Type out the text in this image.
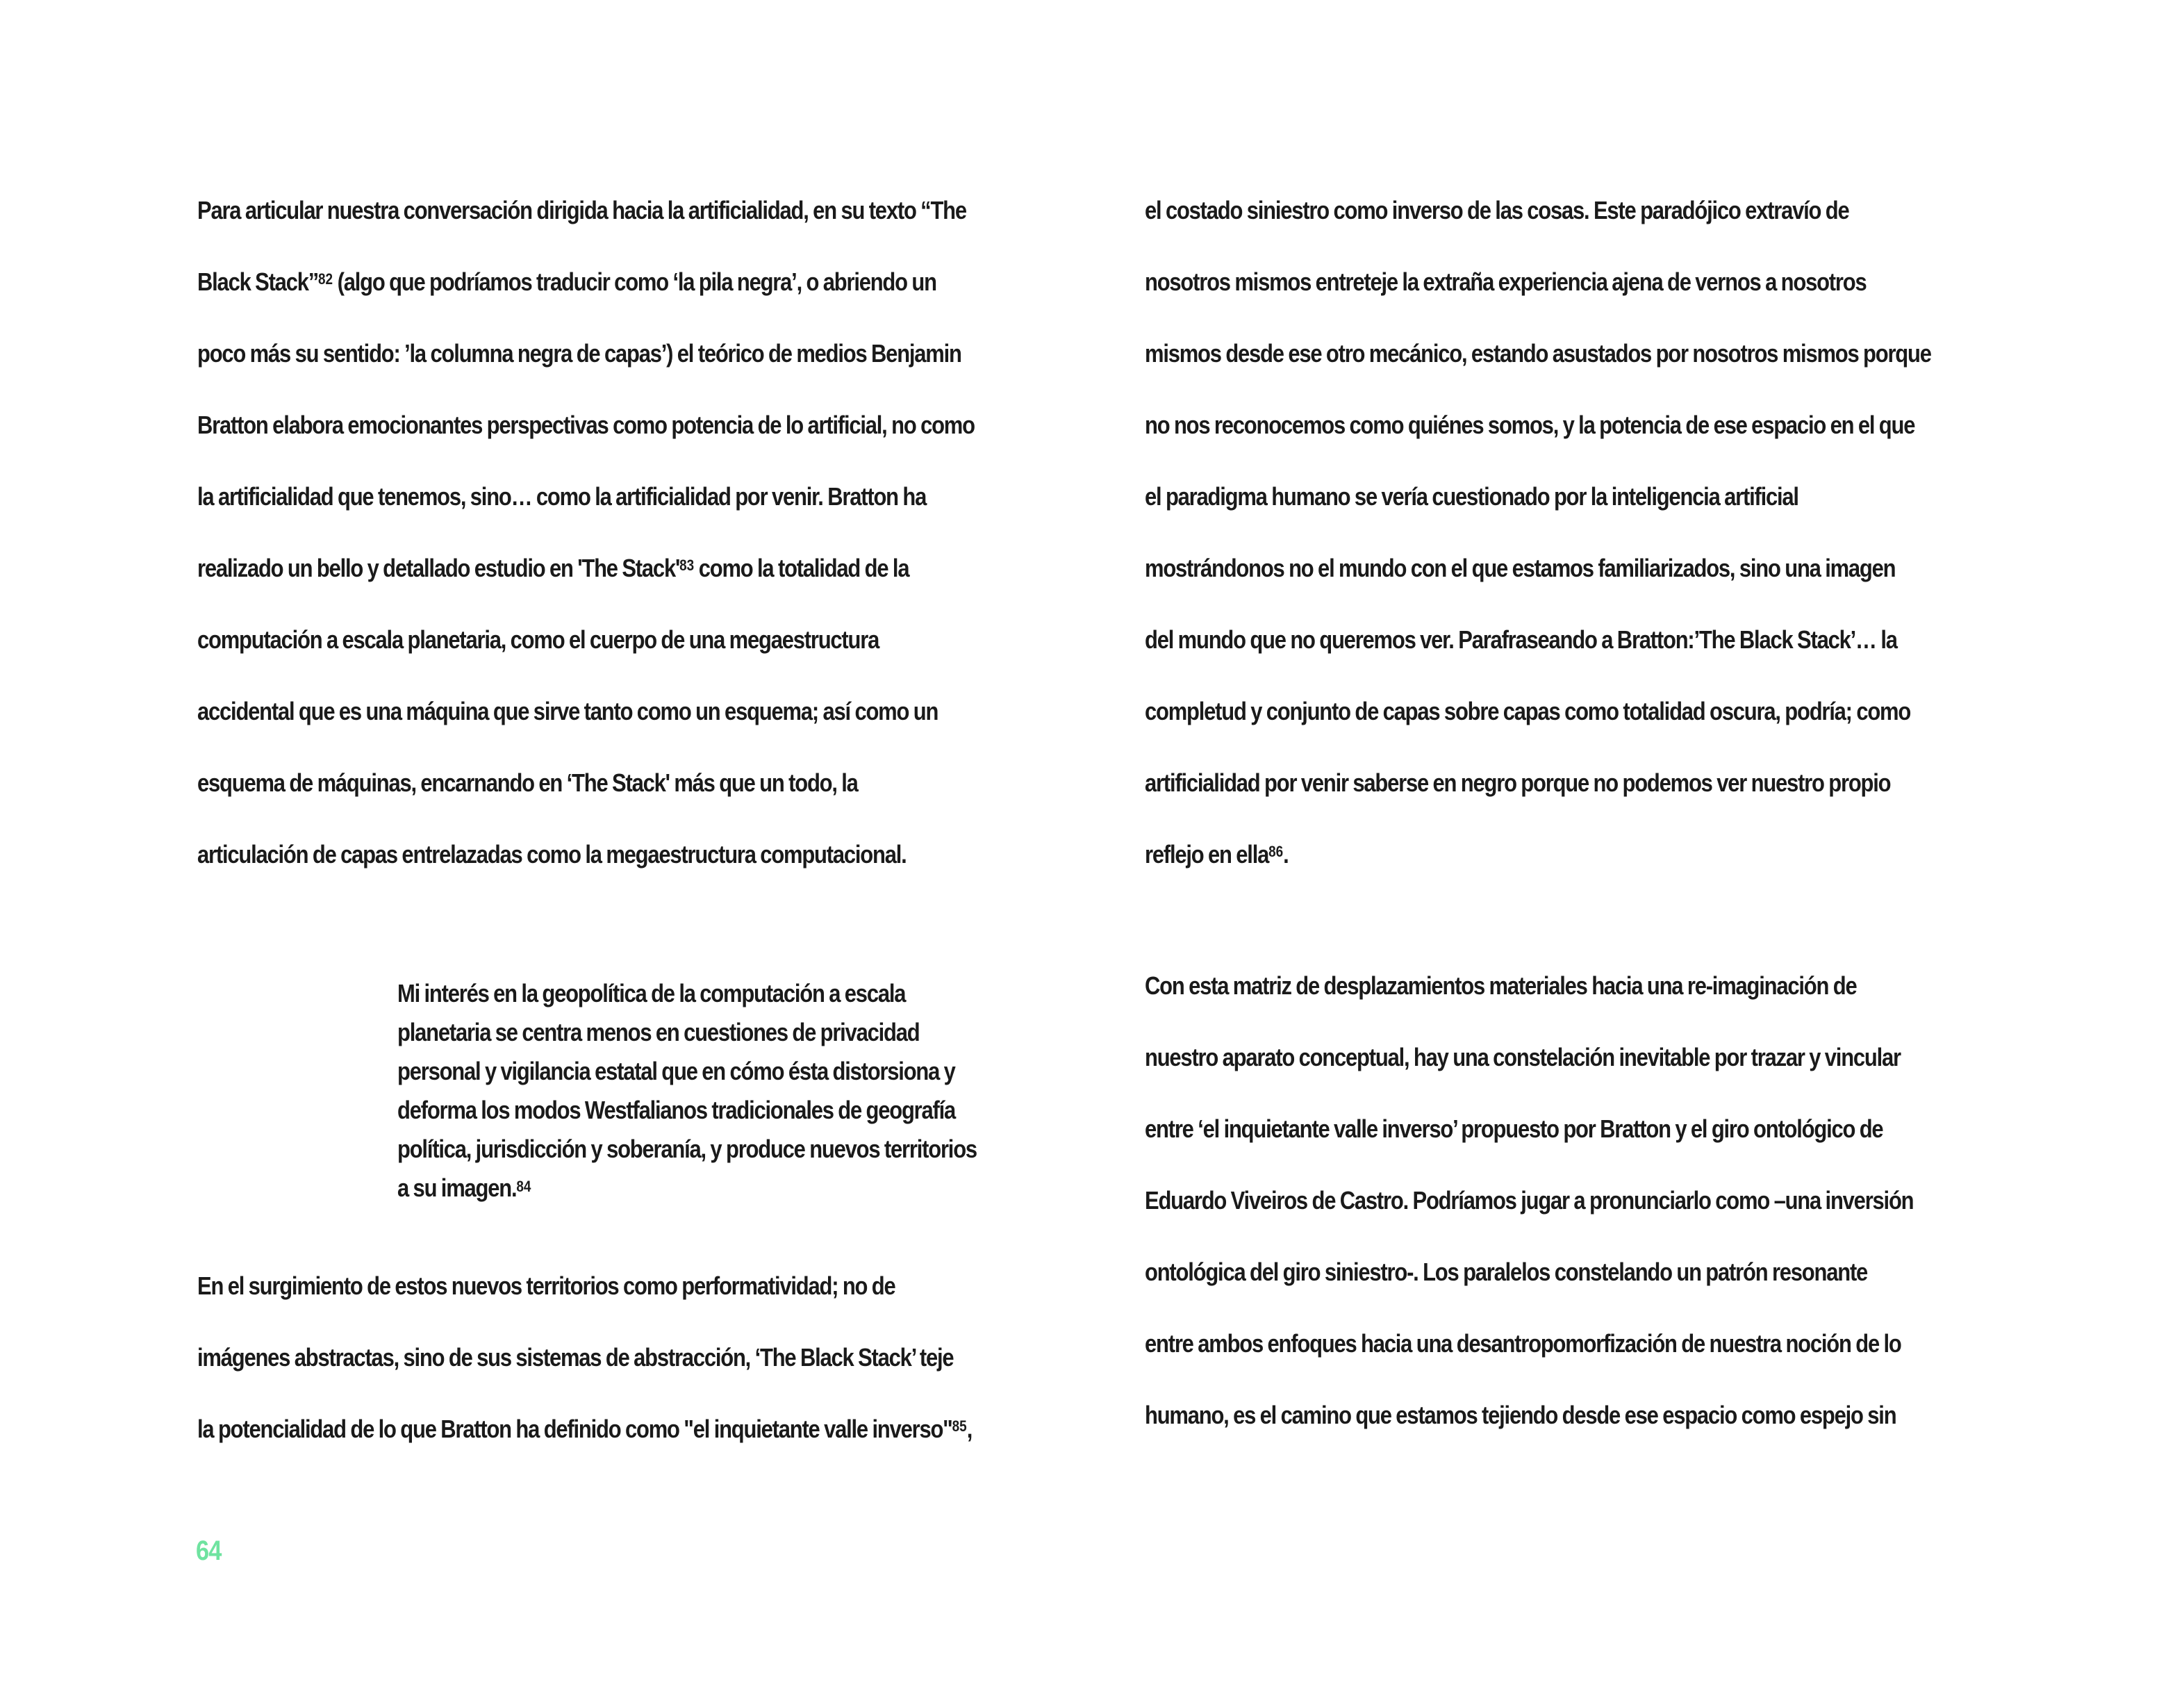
Para articular nuestra conversación dirigida hacia la artificialidad, en su texto “The
Black Stack”$^{82}$ (algo que podríamos traducir como ‘la pila negra’, o abriendo un
poco más su sentido: ’la columna negra de capas’) el teórico de medios Benjamin
Bratton elabora emocionantes perspectivas como potencia de lo artificial, no como
la artificialidad que tenemos, sino… como la artificialidad por venir. Bratton ha
realizado un bello y detallado estudio en 'The $Stack'^{83}$ como la totalidad de la
computación a escala planetaria, como el cuerpo de una megaestructura
accidental que es una máquina que sirve tanto como un esquema; así como un
esquema de máquinas, encarnando en ‘The Stack' más que un todo, la
articulación de capas entrelazadas como la megaestructura computacional.

Mi interés en la geopolítica de la computación a escala
planetaria se centra menos en cuestiones de privacidad
personal y vigilancia estatal que en cómo ésta distorsiona y
deforma los modos Westfalianos tradicionales de geografía
política, jurisdicción y soberanía, y produce nuevos territorios
a su imagen.$^{84}$

En el surgimiento de estos nuevos territorios como performatividad; no de
imágenes abstractas, sino de sus sistemas de abstracción, ‘The Black Stack’ teje
la potencialidad de lo que Bratton ha definido como "el inquietante valle inverso"$^{85}$,

el costado siniestro como inverso de las cosas. Este paradójico extravío de
nosotros mismos entreteje la extraña experiencia ajena de vernos a nosotros
mismos desde ese otro mecánico, estando asustados por nosotros mismos porque
no nos reconocemos como quiénes somos, y la potencia de ese espacio en el que
el paradigma humano se vería cuestionado por la inteligencia artificial
mostrándonos no el mundo con el que estamos familiarizados, sino una imagen
del mundo que no queremos ver. Parafraseando a Bratton:’The Black Stack’… la
completud y conjunto de capas sobre capas como totalidad oscura, podría; como
artificialidad por venir saberse en negro porque no podemos ver nuestro propio
reflejo en ella$^{86}$.

Con esta matriz de desplazamientos materiales hacia una re-imaginación de
nuestro aparato conceptual, hay una constelación inevitable por trazar y vincular
entre ‘el inquietante valle inverso’ propuesto por Bratton y el giro ontológico de
Eduardo Viveiros de Castro. Podríamos jugar a pronunciarlo como –una inversión
ontológica del giro siniestro-. Los paralelos constelando un patrón resonante
entre ambos enfoques hacia una desantropomorfización de nuestra noción de lo
humano, es el camino que estamos tejiendo desde ese espacio como espejo sin

64
